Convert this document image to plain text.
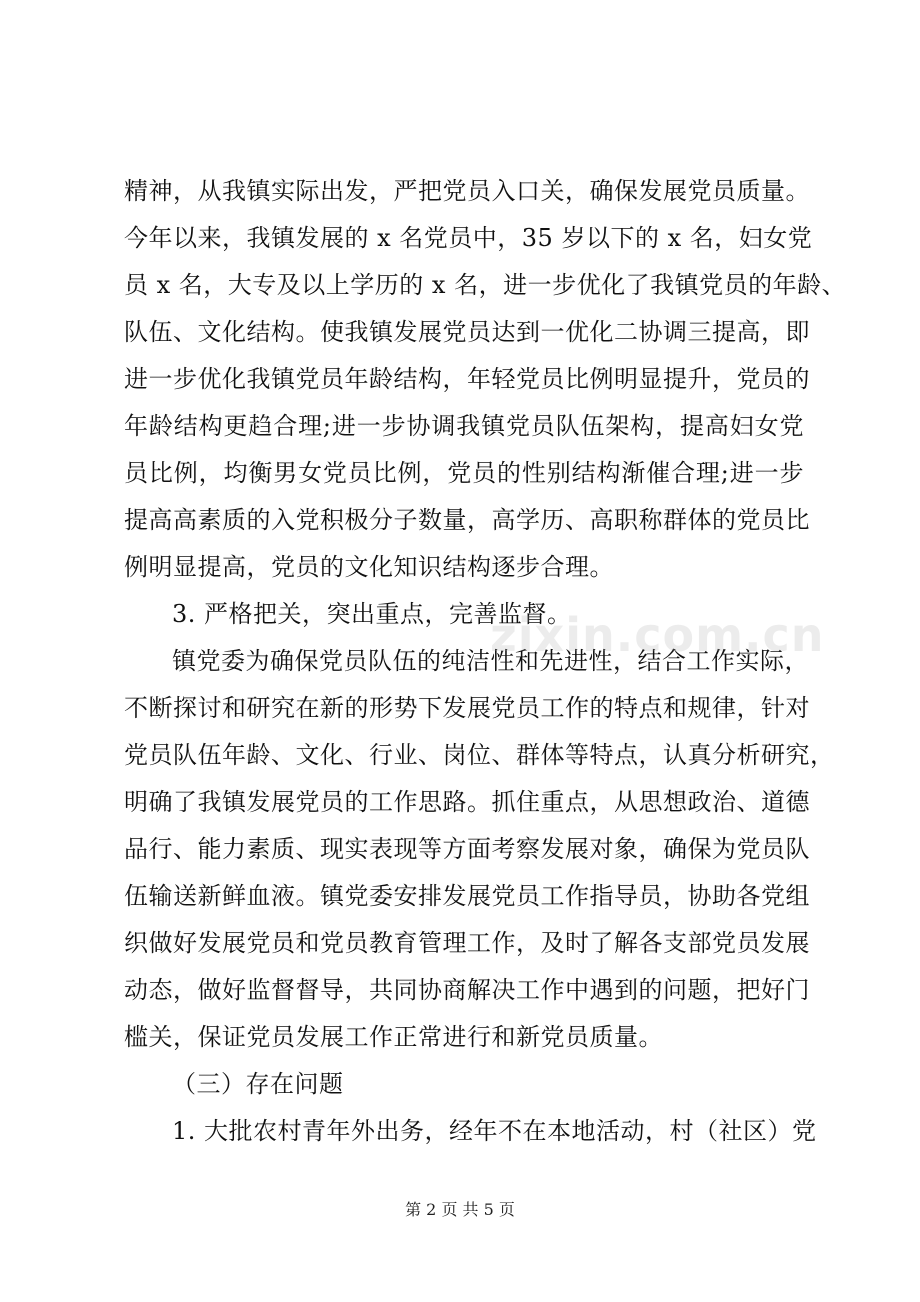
精神，从我镇实际出发，严把党员入口关，确保发展党员质量。
今年以来，我镇发展的 x 名党员中，35 岁以下的 x 名，妇女党
员 x 名，大专及以上学历的 x 名，进一步优化了我镇党员的年龄、
队伍、文化结构。使我镇发展党员达到一优化二协调三提高，即
进一步优化我镇党员年龄结构，年轻党员比例明显提升，党员的
年龄结构更趋合理;进一步协调我镇党员队伍架构，提高妇女党
员比例，均衡男女党员比例，党员的性别结构渐催合理;进一步
提高高素质的入党积极分子数量，高学历、高职称群体的党员比
例明显提高，党员的文化知识结构逐步合理。
3. 严格把关，突出重点，完善监督。
镇党委为确保党员队伍的纯洁性和先进性，结合工作实际，
不断探讨和研究在新的形势下发展党员工作的特点和规律，针对
党员队伍年龄、文化、行业、岗位、群体等特点，认真分析研究，
明确了我镇发展党员的工作思路。抓住重点，从思想政治、道德
品行、能力素质、现实表现等方面考察发展对象，确保为党员队
伍输送新鲜血液。镇党委安排发展党员工作指导员，协助各党组
织做好发展党员和党员教育管理工作，及时了解各支部党员发展
动态，做好监督督导，共同协商解决工作中遇到的问题，把好门
槛关，保证党员发展工作正常进行和新党员质量。
（三）存在问题
1. 大批农村青年外出务，经年不在本地活动，村（社区）党
zixin.com.cn
第 2 页 共 5 页
